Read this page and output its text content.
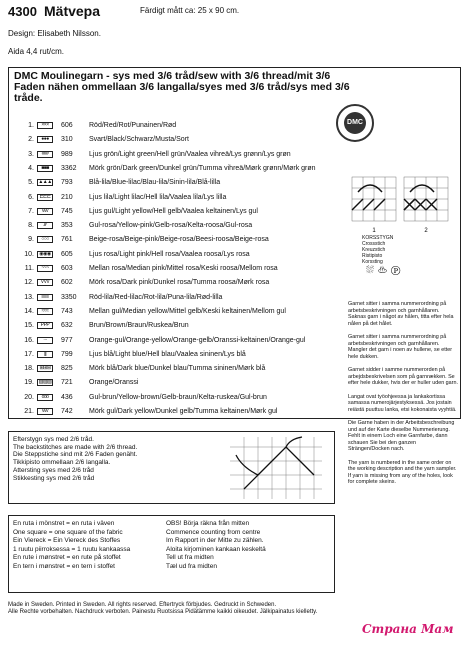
4300 Mätvepa	Färdigt mått ca: 25 x 90 cm.
Design: Elisabeth Nilsson.
Aida 4,4 rut/cm.
DMC Moulinegarn - sys med 3/6 tråd/sew with 3/6 thread/mit 3/6 Faden nähen ommellaan 3/6 langalla/syes med 3/6 tråd/sys med 3/6 tråde.
1.	×××	606	Röd/Red/Rot/Punainen/Rød
2.	●●●	310	Svart/Black/Schwarz/Musta/Sort
3.	###	989	Ljus grön/Light green/Hell grün/Vaalea vihreä/Lys grønn/Lys grøn
4.	■■■	3362	Mörk grön/Dark green/Dunkel grün/Tumma vihreä/Mørk grønn/Mørk grøn
5. ▲▲▲ 793	Blå-lila/Blue-lilac/Blau-lila/Sinin-lila/Blå-lilla
6.	⊏⊏⊏	210	Ljus lila/Light lilac/Hell lila/Vaalea lila/Lys lilla
7.	vvv	745	Ljus gul/Light yellow/Hell gelb/Vaalea keltainen/Lys gul
8.	///	353	Gul-rosa/Yellow-pink/Gelb-rosa/Kelta-roosa/Gul-rosa
9.	○○○	761	Beige-rosa/Beige-pink/Beige-rosa/Beesi-roosa/Beige-rosa
10.	◉◉◉	605	Ljus rosa/Light pink/Hell rosa/Vaalea roosa/Lys rosa
11.	~~~	603	Mellan rosa/Median pink/Mittel rosa/Keski roosa/Mellom rosa
12.	VVV	602	Mörk rosa/Dark pink/Dunkel rosa/Tumma roosa/Mørk rosa
13.	≡≡≡	3350	Röd-lila/Red-lilac/Rot-lila/Puna-lila/Rød-lilla
14.	≈≈≈	743	Mellan gul/Median yellow/Mittel gelb/Keski keltainen/Mellom gul
15.	PPP	632	Brun/Brown/Braun/Ruskea/Brun
16.	···	977	Orange-gul/Orange-yellow/Orange-gelb/Oranssi-keltainen/Orange-gul
17.	|||	799	Ljus blå/Light blue/Hell blau/Vaalea sininen/Lys blå
18.	⊞⊞⊞	825	Mörk blå/Dark blue/Dunkel blau/Tumma sininen/Mørk blå
19. ▨▨▨ 721	Orange/Oranssi
20.	ooo	436	Gul-brun/Yellow-brown/Gelb-braun/Kelta-ruskea/Gul-brun
21.	vvv	742	Mörk gul/Dark yellow/Dunkel gelb/Tumma keltainen/Mørk gul
DMC
1	2
KORSSTYGN
Crossstich
Kreuzstich
Ristipisto
Korssting
⛆♨Ⓟ

Garnet sitter i samma nummerordning på arbetsbeskrivningen och garnhållaren. Saknas garn i något av hålen, titta efter hela nålen på det hålet.

Garnet sitter i samma nummerordning på arbetsbeskrivningen och garnhållaren. Mangler det garn i noen av hullene, se etter hele dukken.

Garnet sidder i samme nummerorden på arbejdsbeskrivelsen som på garnrækken. Se efter hele dukker, hvis der er huller uden garn.

Langat ovat työohjeessa ja lankakortissa samassa numerojärjestyksessä. Jos jostain reiästä puuttuu lanka, etsi kokonaista vyyhtiä.

Die Garne haben in der Arbeitsbeschreibung und auf der Karte dieselbe Nummerierung. Fehlt in einem Loch eine Garnfarbe, dann schauen Sie bei den ganzen Strängen/Docken nach.

The yarn is numbered in the same order on the working description and the yarn sampler. If yarn is missing from any of the holes, look for complete skeins.

Efterstygn sys med 2/6 tråd.
The backstitches are made with 2/6 thread.
Die Steppstiche sind mit 2/6 Faden genäht.
Tikkipisto ommellaan 2/6 langalla.
Attersting syes med 2/6 tråd
Stikkesting sys med 2/6 tråd
En ruta i mönstret = en ruta i väven
One square = one square of the fabric
Ein Viereck = Ein Viereck des Stoffes
1 ruutu piirroksessa = 1 ruutu kankaassa
En rute i mønstret = en rute på stoffet
En tern i mønstret = en tern i stoffet
OBS! Börja räkna från mitten
Commence counting from centre
Im Rapport in der Mitte zu zählen.
Aloita kirjominen kankaan keskeltä
Tell ut fra midten
Tæl ud fra midten
Made in Sweden. Printed in Sweden. All rights reserved. Eftertryck förbjudes. Gedruckt in Schweden.
Alle Rechte vorbehalten. Nachdruck verboten. Painestu Ruotsissa Pidätämme kaikki oikeudet. Jälkipainatus kielletty.
Страна Мам
